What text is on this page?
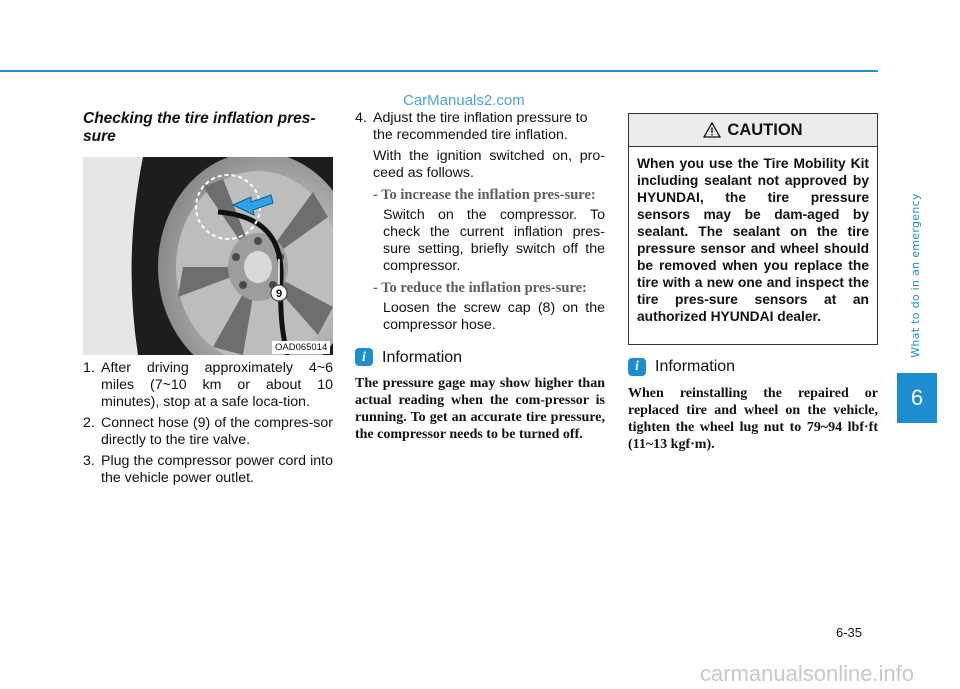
CarManuals2.com
Checking the tire inflation pres-
sure
9
OAD065014
1. After driving approximately 4~6 miles (7~10 km or about 10 minutes), stop at a safe loca-tion.
2. Connect hose (9) of the compres-sor directly to the tire valve.
3. Plug the compressor power cord into the vehicle power outlet.
4. Adjust the tire inflation pressure to the recommended tire inflation.
With the ignition switched on, pro-ceed as follows.
- To increase the inflation pres-sure:
Switch on the compressor. To check the current inflation pres-sure setting, briefly switch off the compressor.
- To reduce the inflation pres-sure:
Loosen the screw cap (8) on the compressor hose.
i	Information
The pressure gage may show higher than actual reading when the com-pressor is running. To get an accurate tire pressure, the compressor needs to be turned off.
CAUTION
When you use the Tire Mobility Kit including sealant not approved by HYUNDAI, the tire pressure sensors may be dam-aged by sealant. The sealant on the tire pressure sensor and wheel should be removed when you replace the tire with a new one and inspect the tire pres-sure sensors at an authorized HYUNDAI dealer.
i	Information
When reinstalling the repaired or replaced tire and wheel on the vehicle, tighten the wheel lug nut to 79~94 lbf·ft (11~13 kgf·m).
What to do in an emergency
6
6-35
carmanualsonline.info
